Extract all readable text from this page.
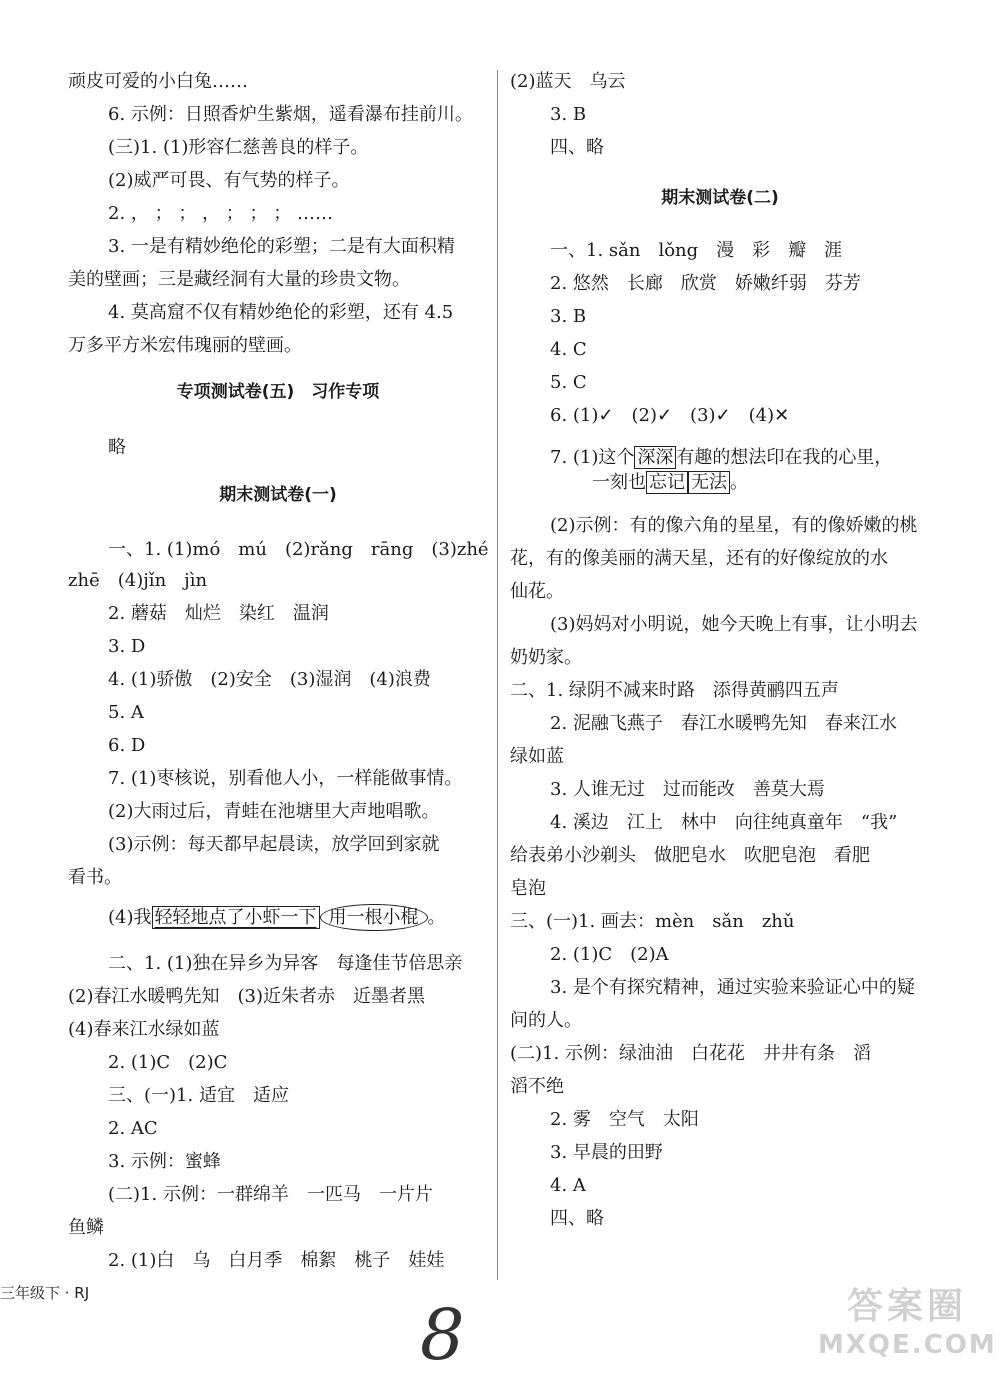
顽皮可爱的小白兔……
6. 示例：日照香炉生紫烟，遥看瀑布挂前川。
(三)1. (1)形容仁慈善良的样子。
(2)威严可畏、有气势的样子。
2. ， ； ； ， ； ； ； ……
3. 一是有精妙绝伦的彩塑；二是有大面积精
美的壁画；三是藏经洞有大量的珍贵文物。
4. 莫高窟不仅有精妙绝伦的彩塑，还有 4.5
万多平方米宏伟瑰丽的壁画。
专项测试卷(五)　习作专项
略
期末测试卷(一)
一、1. (1)mó　mú　(2)rǎng　rāng　(3)zhé
zhē　(4)jǐn　jìn
2. 蘑菇　灿烂　染红　温润
3. D
4. (1)骄傲　(2)安全　(3)湿润　(4)浪费
5. A
6. D
7. (1)枣核说，别看他人小，一样能做事情。
(2)大雨过后，青蛙在池塘里大声地唱歌。
(3)示例：每天都早起晨读，放学回到家就
看书。
(4)我 轻轻地点了小虾一下 用一根小棍 。
二、1. (1)独在异乡为异客　每逢佳节倍思亲
(2)春江水暖鸭先知　(3)近朱者赤　近墨者黑
(4)春来江水绿如蓝
2. (1)C　(2)C
三、(一)1. 适宜　适应
2. AC
3. 示例：蜜蜂
(二)1. 示例：一群绵羊　一匹马　一片片
鱼鳞
2. (1)白　乌　白月季　棉絮　桃子　娃娃
三年级下 · RJ
(2)蓝天　乌云
3. B
四、略
期末测试卷(二)
一、1. sǎn　lǒng　漫　彩　瓣　涯
2. 悠然　长廊　欣赏　娇嫩纤弱　芬芳
3. B
4. C
5. C
6. (1)✓　(2)✓　(3)✓　(4)✕
7. (1)这个 深深 有趣的想法印在我的心里，
一刻也 忘记 无法 。
(2)示例：有的像六角的星星，有的像娇嫩的桃
花，有的像美丽的满天星，还有的好像绽放的水
仙花。
(3)妈妈对小明说，她今天晚上有事，让小明去
奶奶家。
二、1. 绿阴不减来时路　添得黄鹂四五声
2. 泥融飞燕子　春江水暖鸭先知　春来江水
绿如蓝
3. 人谁无过　过而能改　善莫大焉
4. 溪边　江上　林中　向往纯真童年　“我”
给表弟小沙剃头　做肥皂水　吹肥皂泡　看肥
皂泡
三、(一)1. 画去：mèn　sǎn　zhǔ
2. (1)C　(2)A
3. 是个有探究精神，通过实验来验证心中的疑
问的人。
(二)1. 示例：绿油油　白花花　井井有条　滔
滔不绝
2. 雾　空气　太阳
3. 早晨的田野
4. A
四、略
8	答案圈
MXQE.COM
